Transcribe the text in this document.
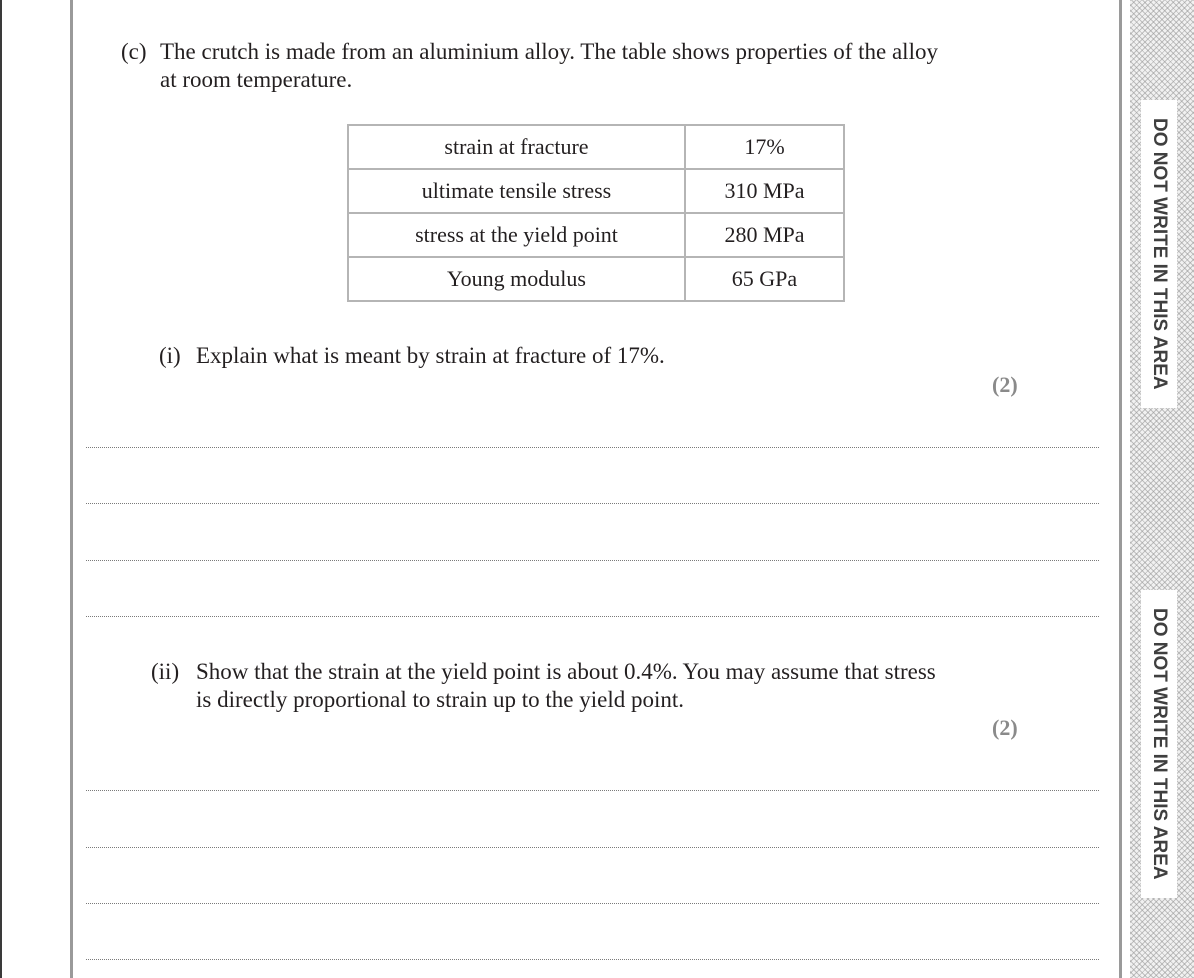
DO NOT WRITE IN THIS AREA
DO NOT WRITE IN THIS AREA
(c) The crutch is made from an aluminium alloy. The table shows properties of the alloy
at room temperature.
strain at fracture	17%
ultimate tensile stress	310 MPa
stress at the yield point	280 MPa
Young modulus	65 GPa
(i) Explain what is meant by strain at fracture of 17%.
(2)
(ii) Show that the strain at the yield point is about 0.4%. You may assume that stress
is directly proportional to strain up to the yield point.
(2)
